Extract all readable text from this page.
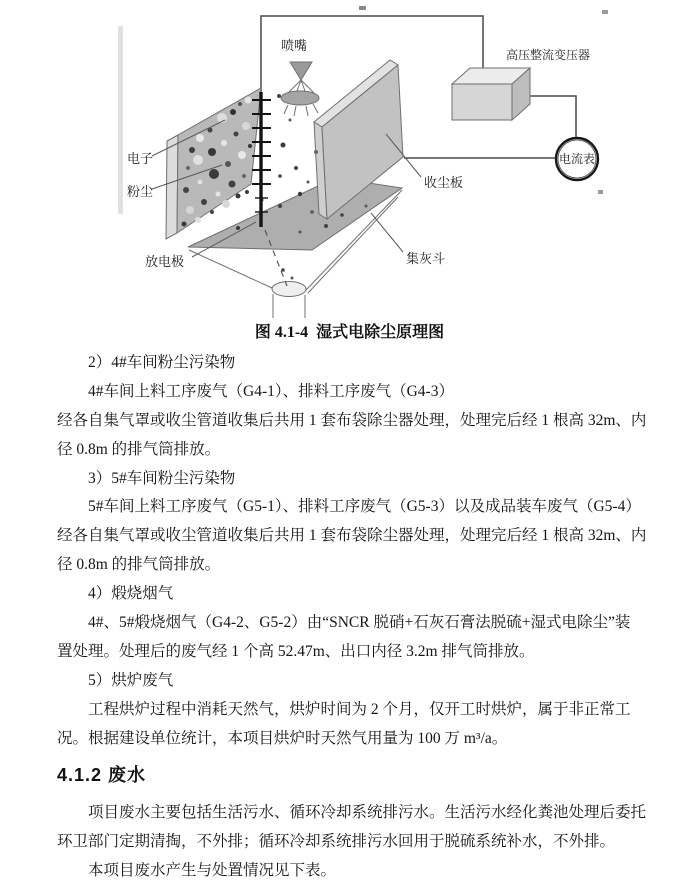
电流表
电子
粉尘
放电极
收尘板
集灰斗
喷嘴
高压整流变压器
图 4.1-4  湿式电除尘原理图
2）4#车间粉尘污染物
4#车间上料工序废气（G4-1）、排料工序废气（G4-3）
经各自集气罩或收尘管道收集后共用 1 套布袋除尘器处理，处理完后经 1 根高 32m、内
径 0.8m 的排气筒排放。
3）5#车间粉尘污染物
5#车间上料工序废气（G5-1）、排料工序废气（G5-3）以及成品装车废气（G5-4）
经各自集气罩或收尘管道收集后共用 1 套布袋除尘器处理，处理完后经 1 根高 32m、内
径 0.8m 的排气筒排放。
4）煅烧烟气
4#、5#煅烧烟气（G4-2、G5-2）由“SNCR 脱硝+石灰石膏法脱硫+湿式电除尘”装
置处理。处理后的废气经 1 个高 52.47m、出口内径 3.2m 排气筒排放。
5）烘炉废气
工程烘炉过程中消耗天然气，烘炉时间为 2 个月，仅开工时烘炉，属于非正常工
况。根据建设单位统计，本项目烘炉时天然气用量为 100 万 m³/a。
4.1.2 废水
项目废水主要包括生活污水、循环冷却系统排污水。生活污水经化粪池处理后委托
环卫部门定期清掏，不外排；循环冷却系统排污水回用于脱硫系统补水，不外排。
本项目废水产生与处置情况见下表。
